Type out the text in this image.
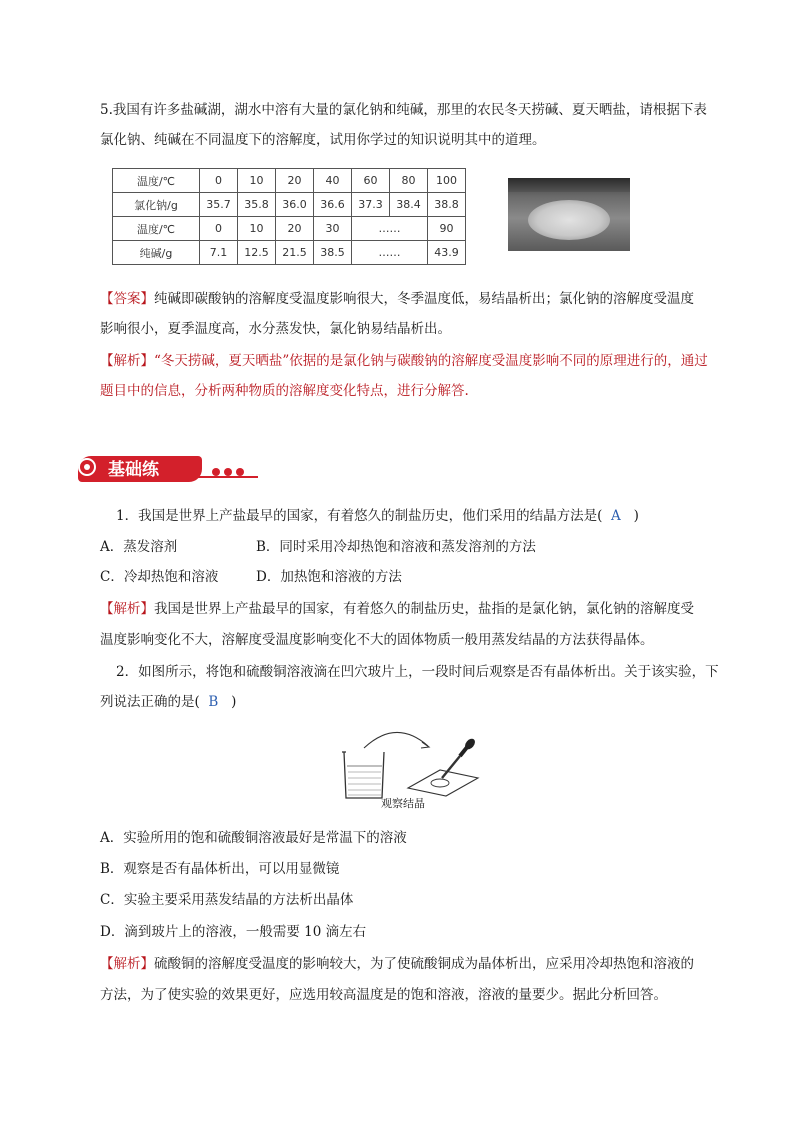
5.我国有许多盐碱湖，湖水中溶有大量的氯化钠和纯碱，那里的农民冬天捞碱、夏天晒盐，请根据下表
氯化钠、纯碱在不同温度下的溶解度，试用你学过的知识说明其中的道理。
温度/℃	0	10	20	40	60	80	100
氯化钠/g	35.7	35.8	36.0	36.6	37.3	38.4	38.8
温度/℃	0	10	20	30	……		90
纯碱/g	7.1	12.5	21.5	38.5	……		43.9
【答案】纯碱即碳酸钠的溶解度受温度影响很大，冬季温度低，易结晶析出；氯化钠的溶解度受温度
影响很小，夏季温度高，水分蒸发快，氯化钠易结晶析出。
【解析】“冬天捞碱，夏天晒盐”依据的是氯化钠与碳酸钠的溶解度受温度影响不同的原理进行的，通过
题目中的信息，分析两种物质的溶解度变化特点，进行分解答.
基础练
1．我国是世界上产盐最早的国家，有着悠久的制盐历史，他们采用的结晶方法是( A )
A．蒸发溶剂	B．同时采用冷却热饱和溶液和蒸发溶剂的方法
C．冷却热饱和溶液	D．加热饱和溶液的方法
【解析】我国是世界上产盐最早的国家，有着悠久的制盐历史，盐指的是氯化钠，氯化钠的溶解度受
温度影响变化不大，溶解度受温度影响变化不大的固体物质一般用蒸发结晶的方法获得晶体。
2．如图所示，将饱和硫酸铜溶液滴在凹穴玻片上，一段时间后观察是否有晶体析出。关于该实验，下
列说法正确的是( B )
观察结晶
A．实验所用的饱和硫酸铜溶液最好是常温下的溶液
B．观察是否有晶体析出，可以用显微镜
C．实验主要采用蒸发结晶的方法析出晶体
D．滴到玻片上的溶液，一般需要 10 滴左右
【解析】硫酸铜的溶解度受温度的影响较大，为了使硫酸铜成为晶体析出，应采用冷却热饱和溶液的
方法，为了使实验的效果更好，应选用较高温度是的饱和溶液，溶液的量要少。据此分析回答。
